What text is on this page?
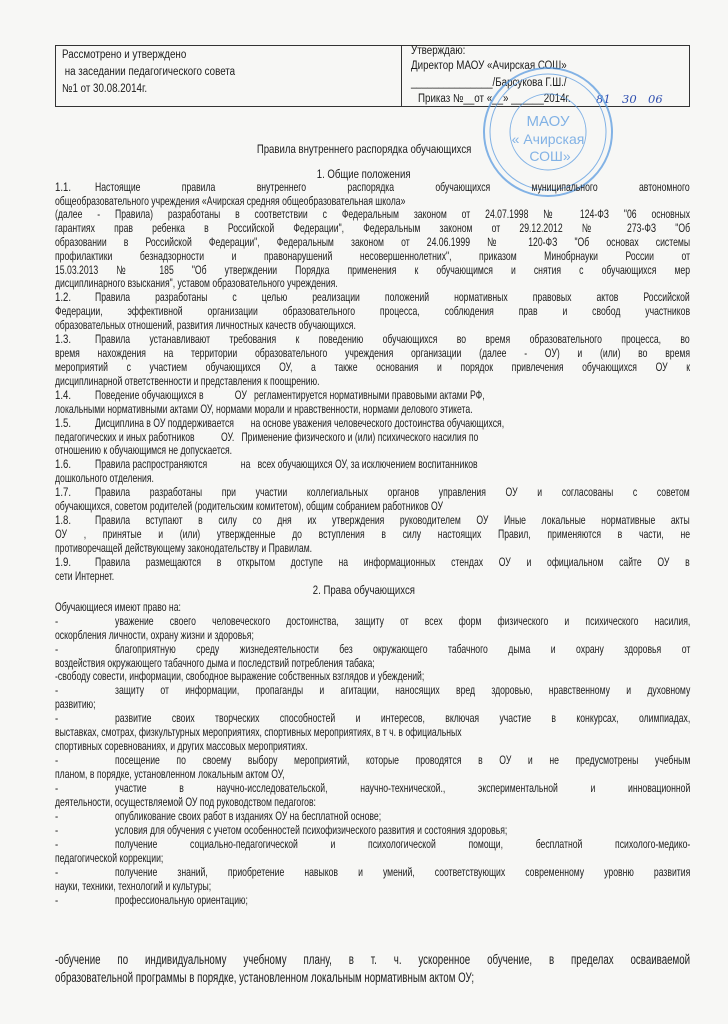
Рассмотрено и утверждено
на заседании педагогического совета
№1 от 30.08.2014г.
Утверждаю:
Директор МАОУ «Ачирская СОШ»
_______________/Барсукова Г.Ш./
Приказ №__от «__» ______2014г. 81 30 06
МАОУ
« Ачирская
СОШ»
Правила внутреннего распорядка обучающихся
1. Общие положения
1.1. Настоящие правила внутреннего распорядка обучающихся муниципального автономного
общеобразовательного учреждения «Ачирская средняя общеобразовательная школа»
(далее - Правила) разработаны в соответствии с Федеральным законом от 24.07.1998 № 124-ФЗ "06 основных
гарантиях прав ребенка в Российской Федерации", Федеральным законом от 29.12.2012 № 273-ФЗ "Об
образовании в Российской Федерации", Федеральным законом от 24.06.1999 № 120-ФЗ "Об основах системы
профилактики безнадзорности и правонарушений несовершеннолетних", приказом Минобрнауки России от
15.03.2013 № 185 "Об утверждении Порядка применения к обучающимся и снятия с обучающихся мер
дисциплинарного взыскания", уставом образовательного учреждения.
1.2. Правила разработаны с целью реализации положений нормативных правовых актов Российской
Федерации, эффективной организации образовательного процесса, соблюдения прав и свобод участников
образовательных отношений, развития личностных качеств обучающихся.
1.3. Правила устанавливают требования к поведению обучающихся во время образовательного процесса, во
время нахождения на территории образовательного учреждения организации (далее - ОУ) и (или) во время
мероприятий с участием обучающихся ОУ, а также основания и порядок привлечения обучающихся ОУ к
дисциплинарной ответственности и представления к поощрению.
1.4. Поведение обучающихся в             ОУ   регламентируется нормативными правовыми актами РФ,
локальными нормативными актами ОУ, нормами морали и нравственности, нормами делового этикета.
1.5. Дисциплина в ОУ поддерживается       на основе уважения человеческого достоинства обучающихся,
педагогических и иных работников           ОУ.   Применение физического и (или) психического насилия по
отношению к обучающимся не допускается.
1.6. Правила распространяются              на   всех обучающихся ОУ, за исключением воспитанников
дошкольного отделения.
1.7. Правила разработаны при участии коллегиальных органов управления ОУ и согласованы с советом
обучающихся, советом родителей (родительским комитетом), общим собранием работников ОУ
1.8. Правила вступают в силу со дня их утверждения руководителем ОУ Иные локальные нормативные акты
ОУ , принятые и (или) утвержденные до вступления в силу настоящих Правил, применяются в части, не
противоречащей действующему законодательству и Правилам.
1.9. Правила размещаются в открытом доступе на информационных стендах ОУ и официальном сайте ОУ в
сети Интернет.
2. Права обучающихся
Обучающиеся имеют право на:
-	уважение своего человеческого достоинства, защиту от всех форм физического и психического насилия,
оскорбления личности, охрану жизни и здоровья;
-	благоприятную среду жизнедеятельности без окружающего табачного дыма и охрану здоровья от
воздействия окружающего табачного дыма и последствий потребления табака;
-свободу совести, информации, свободное выражение собственных взглядов и убеждений;
-	защиту от информации, пропаганды и агитации, наносящих вред здоровью, нравственному и духовному
развитию;
-	развитие своих творческих способностей и интересов, включая участие в конкурсах, олимпиадах,
выставках, смотрах, физкультурных мероприятиях, спортивных мероприятиях, в т ч. в официальных
спортивных соревнованиях, и других массовых мероприятиях.
-	посещение по своему выбору мероприятий, которые проводятся в ОУ и не предусмотрены учебным
планом, в порядке, установленном локальным актом ОУ,
-	участие в научно-исследовательской, научно-технической., экспериментальной и инновационной
деятельности, осуществляемой ОУ под руководством педагогов:
-	опубликование своих работ в изданиях ОУ на бесплатной основе;
-	условия для обучения с учетом особенностей психофизического развития и состояния здоровья;
-	получение социально-педагогической и психологической помощи, бесплатной психолого-медико-
педагогической коррекции;
-	получение знаний, приобретение навыков и умений, соответствующих современному уровню развития
науки, техники, технологий и культуры;
-	профессиональную ориентацию;
-обучение по индивидуальному учебному плану, в т. ч. ускоренное обучение, в пределах осваиваемой
образовательной программы в порядке, установленном локальным нормативным актом ОУ;
